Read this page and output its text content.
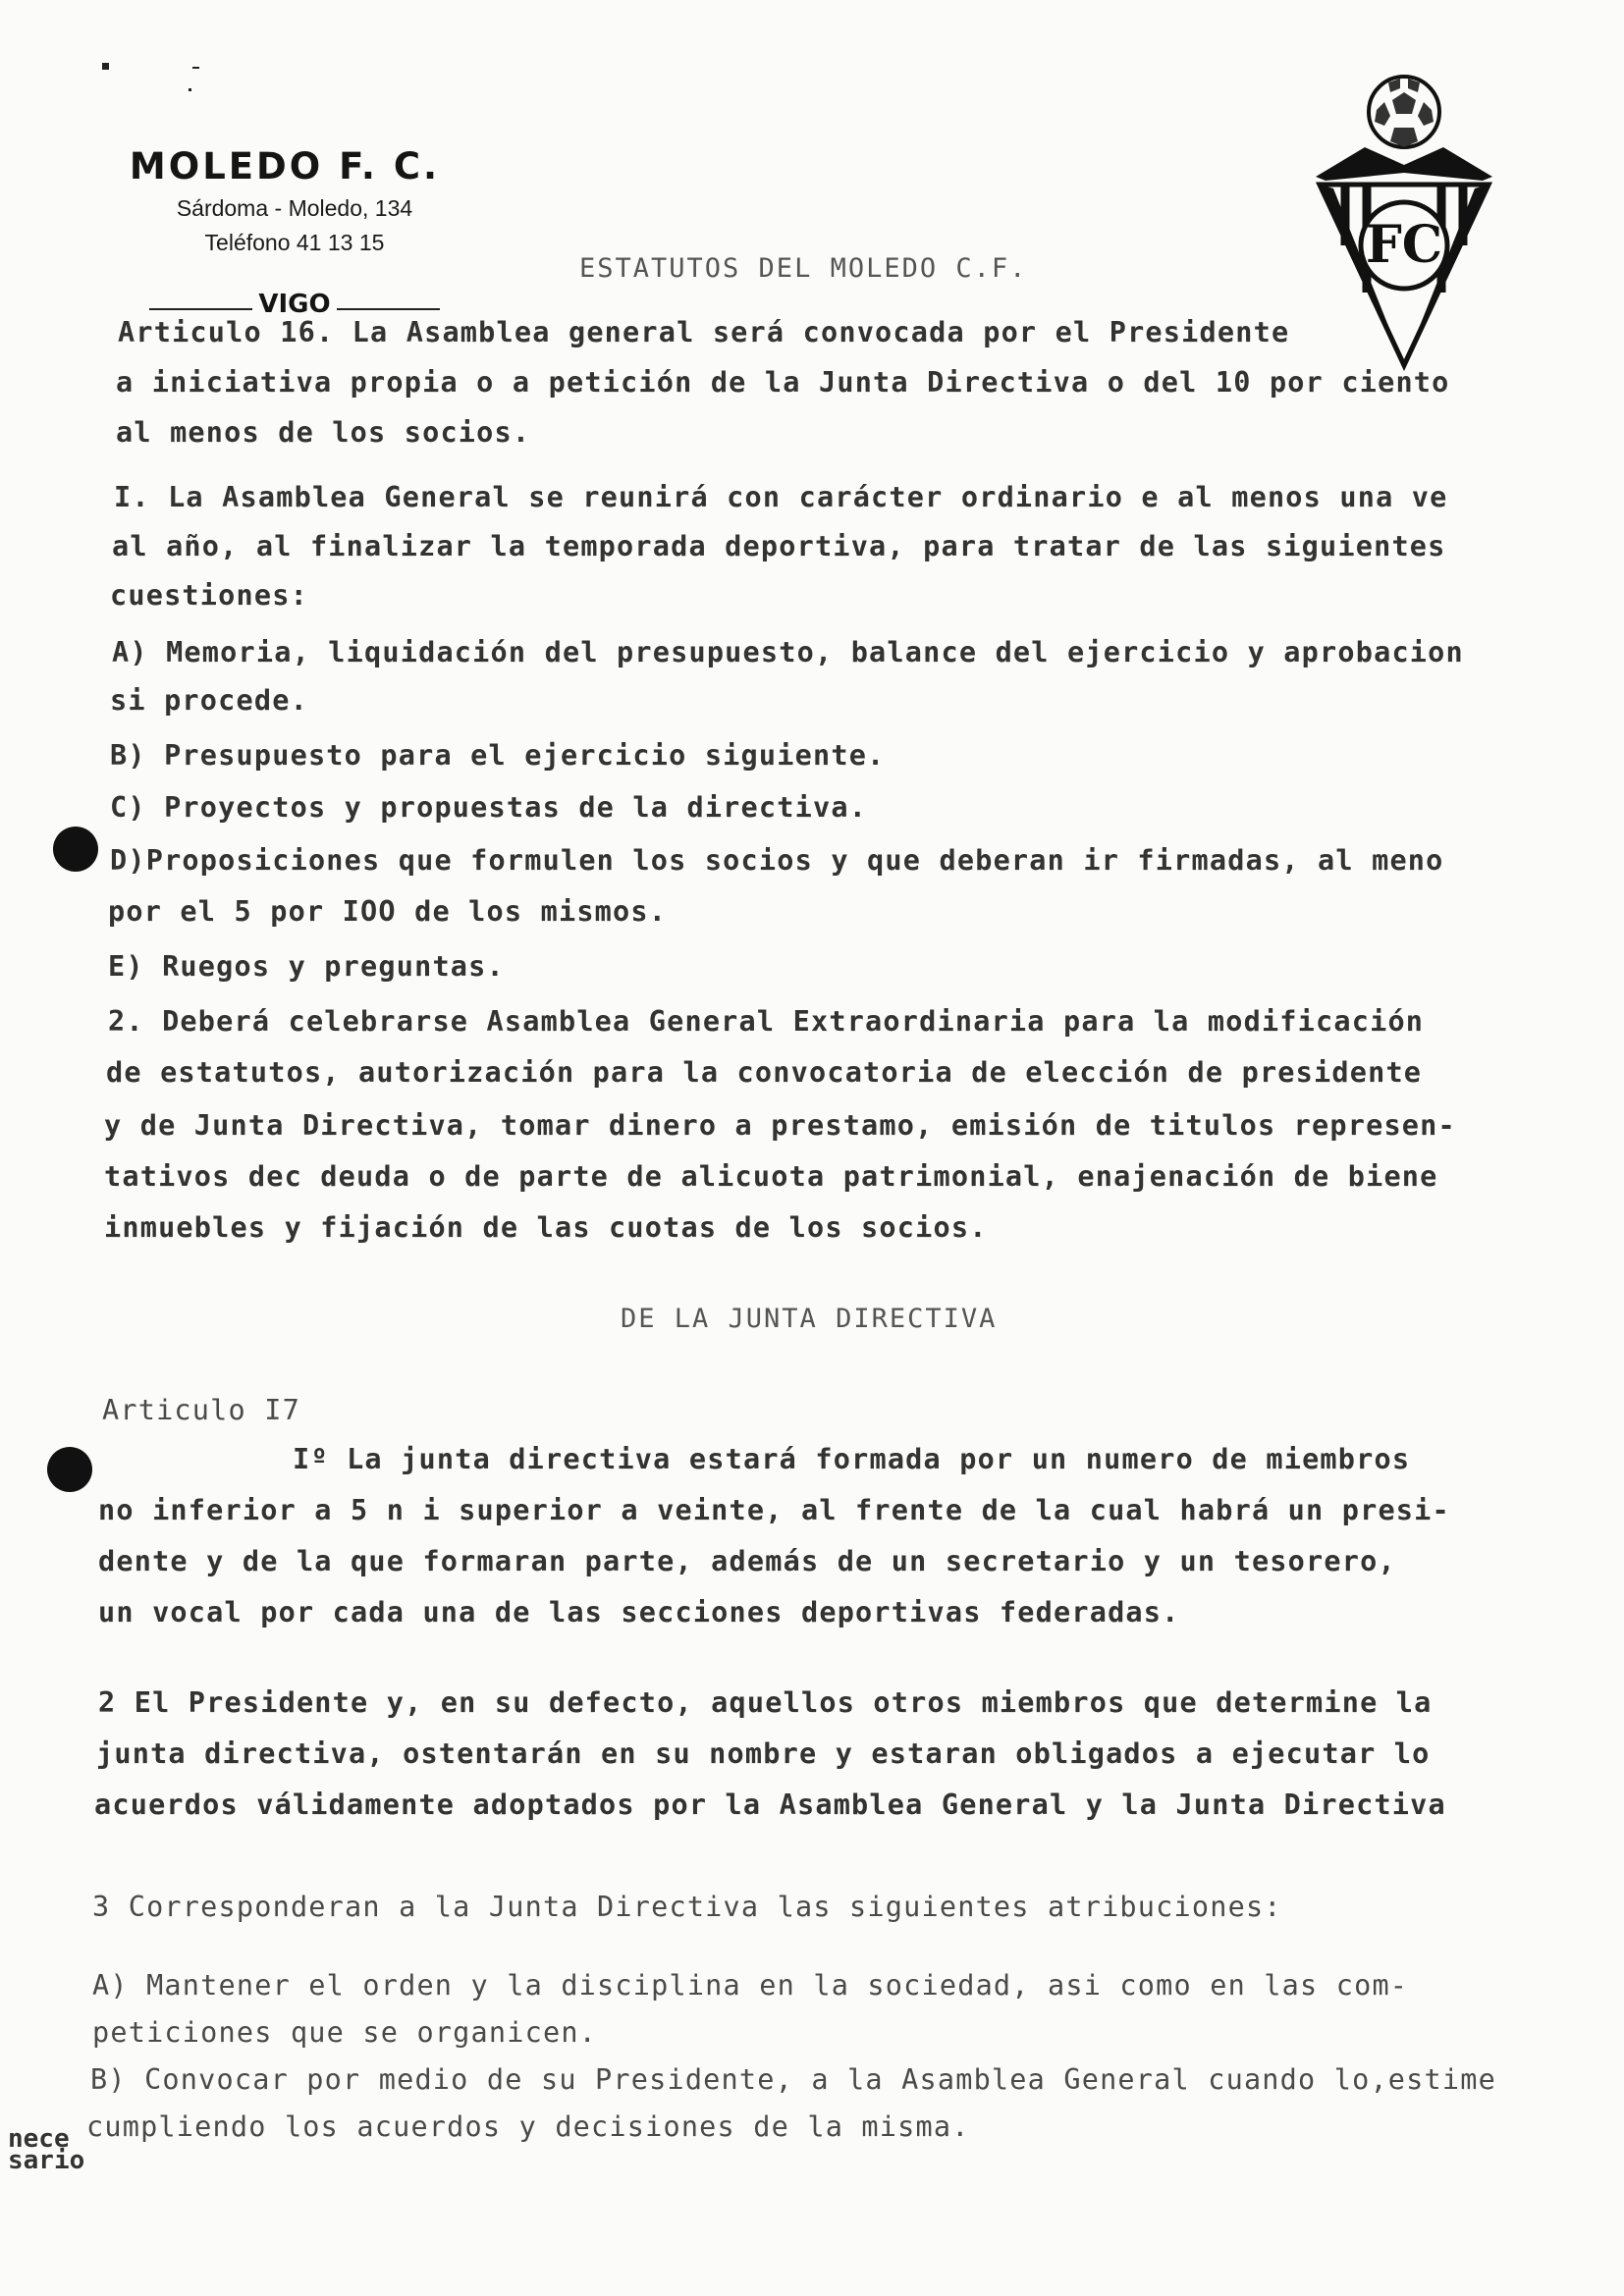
MOLEDO F. C.
Sárdoma - Moledo, 134
Teléfono 41 13 15
VIGO
FC
ESTATUTOS DEL MOLEDO C.F.
Articulo 16. La Asamblea general será convocada por el Presidente
a iniciativa propia o a petición de la Junta Directiva o del 10 por ciento
al menos de los socios.
I. La Asamblea General se reunirá con carácter ordinario e al menos una ve
al año, al finalizar la temporada deportiva, para tratar de las siguientes
cuestiones:
A) Memoria, liquidación del presupuesto, balance del ejercicio y aprobacion
si procede.
B) Presupuesto para el ejercicio siguiente.
C) Proyectos y propuestas de la directiva.
D)Proposiciones que formulen los socios y que deberan ir firmadas, al meno
por el 5 por IOO de los mismos.
E) Ruegos y preguntas.
2. Deberá celebrarse Asamblea General Extraordinaria para la modificación
de estatutos, autorización para la convocatoria de elección de presidente
y de Junta Directiva, tomar dinero a prestamo, emisión de titulos represen-
tativos dec deuda o de parte de alicuota patrimonial, enajenación de biene
inmuebles y fijación de las cuotas de los socios.
DE LA JUNTA DIRECTIVA
Articulo I7
Iº La junta directiva estará formada por un numero de miembros
no inferior a 5 n i superior a veinte, al frente de la cual habrá un presi-
dente y de la que formaran parte, además de un secretario y un tesorero,
un vocal por cada una de las secciones deportivas federadas.
2 El Presidente y, en su defecto, aquellos otros miembros que determine la
junta directiva, ostentarán en su nombre y estaran obligados a ejecutar lo
acuerdos válidamente adoptados por la Asamblea General y la Junta Directiva
3 Corresponderan a la Junta Directiva las siguientes atribuciones:
A) Mantener el orden y la disciplina en la sociedad, asi como en las com-
peticiones que se organicen.
B) Convocar por medio de su Presidente, a la Asamblea General cuando lo,estime
cumpliendo los acuerdos y decisiones de la misma.
nece
sario
